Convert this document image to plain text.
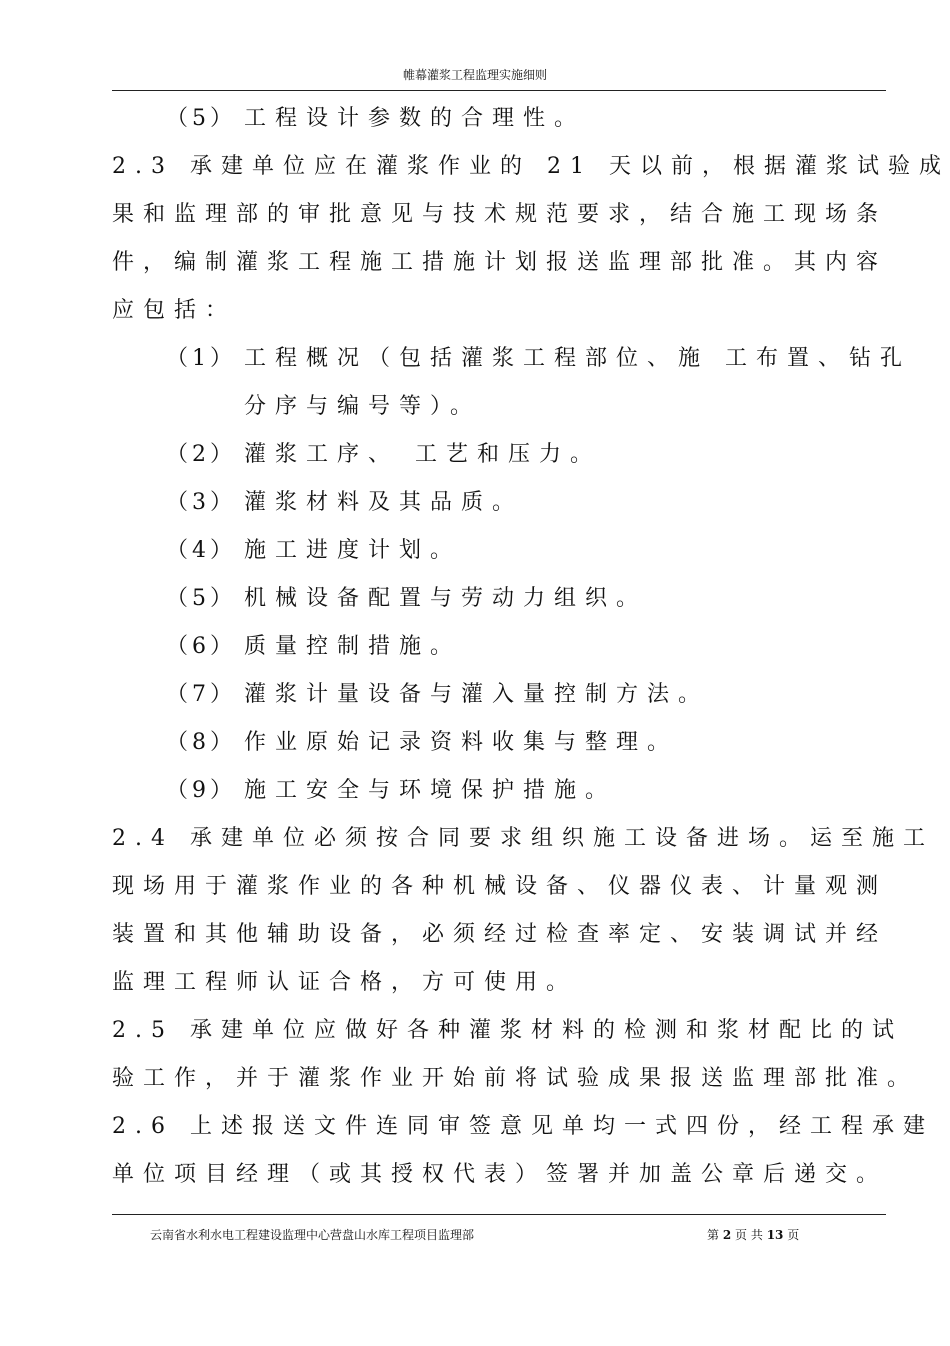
帷幕灌浆工程监理实施细则
（5） 工程设计参数的合理性。
2.3 承建单位应在灌浆作业的 21 天以前，根据灌浆试验成
果和监理部的审批意见与技术规范要求，结合施工现场条
件，编制灌浆工程施工措施计划报送监理部批准。其内容
应包括：
（1） 工程概况（包括灌浆工程部位、施 工布置、钻孔
分序与编号等）。
（2） 灌浆工序、 工艺和压力。
（3） 灌浆材料及其品质。
（4） 施工进度计划。
（5） 机械设备配置与劳动力组织。
（6） 质量控制措施。
（7） 灌浆计量设备与灌入量控制方法。
（8） 作业原始记录资料收集与整理。
（9） 施工安全与环境保护措施。
2.4 承建单位必须按合同要求组织施工设备进场。运至施工
现场用于灌浆作业的各种机械设备、仪器仪表、计量观测
装置和其他辅助设备，必须经过检查率定、安装调试并经
监理工程师认证合格，方可使用。
2.5 承建单位应做好各种灌浆材料的检测和浆材配比的试
验工作，并于灌浆作业开始前将试验成果报送监理部批准。
2.6 上述报送文件连同审签意见单均一式四份，经工程承建
单位项目经理（或其授权代表）签署并加盖公章后递交。
云南省水利水电工程建设监理中心营盘山水库工程项目监理部	第 2 页 共 13 页
